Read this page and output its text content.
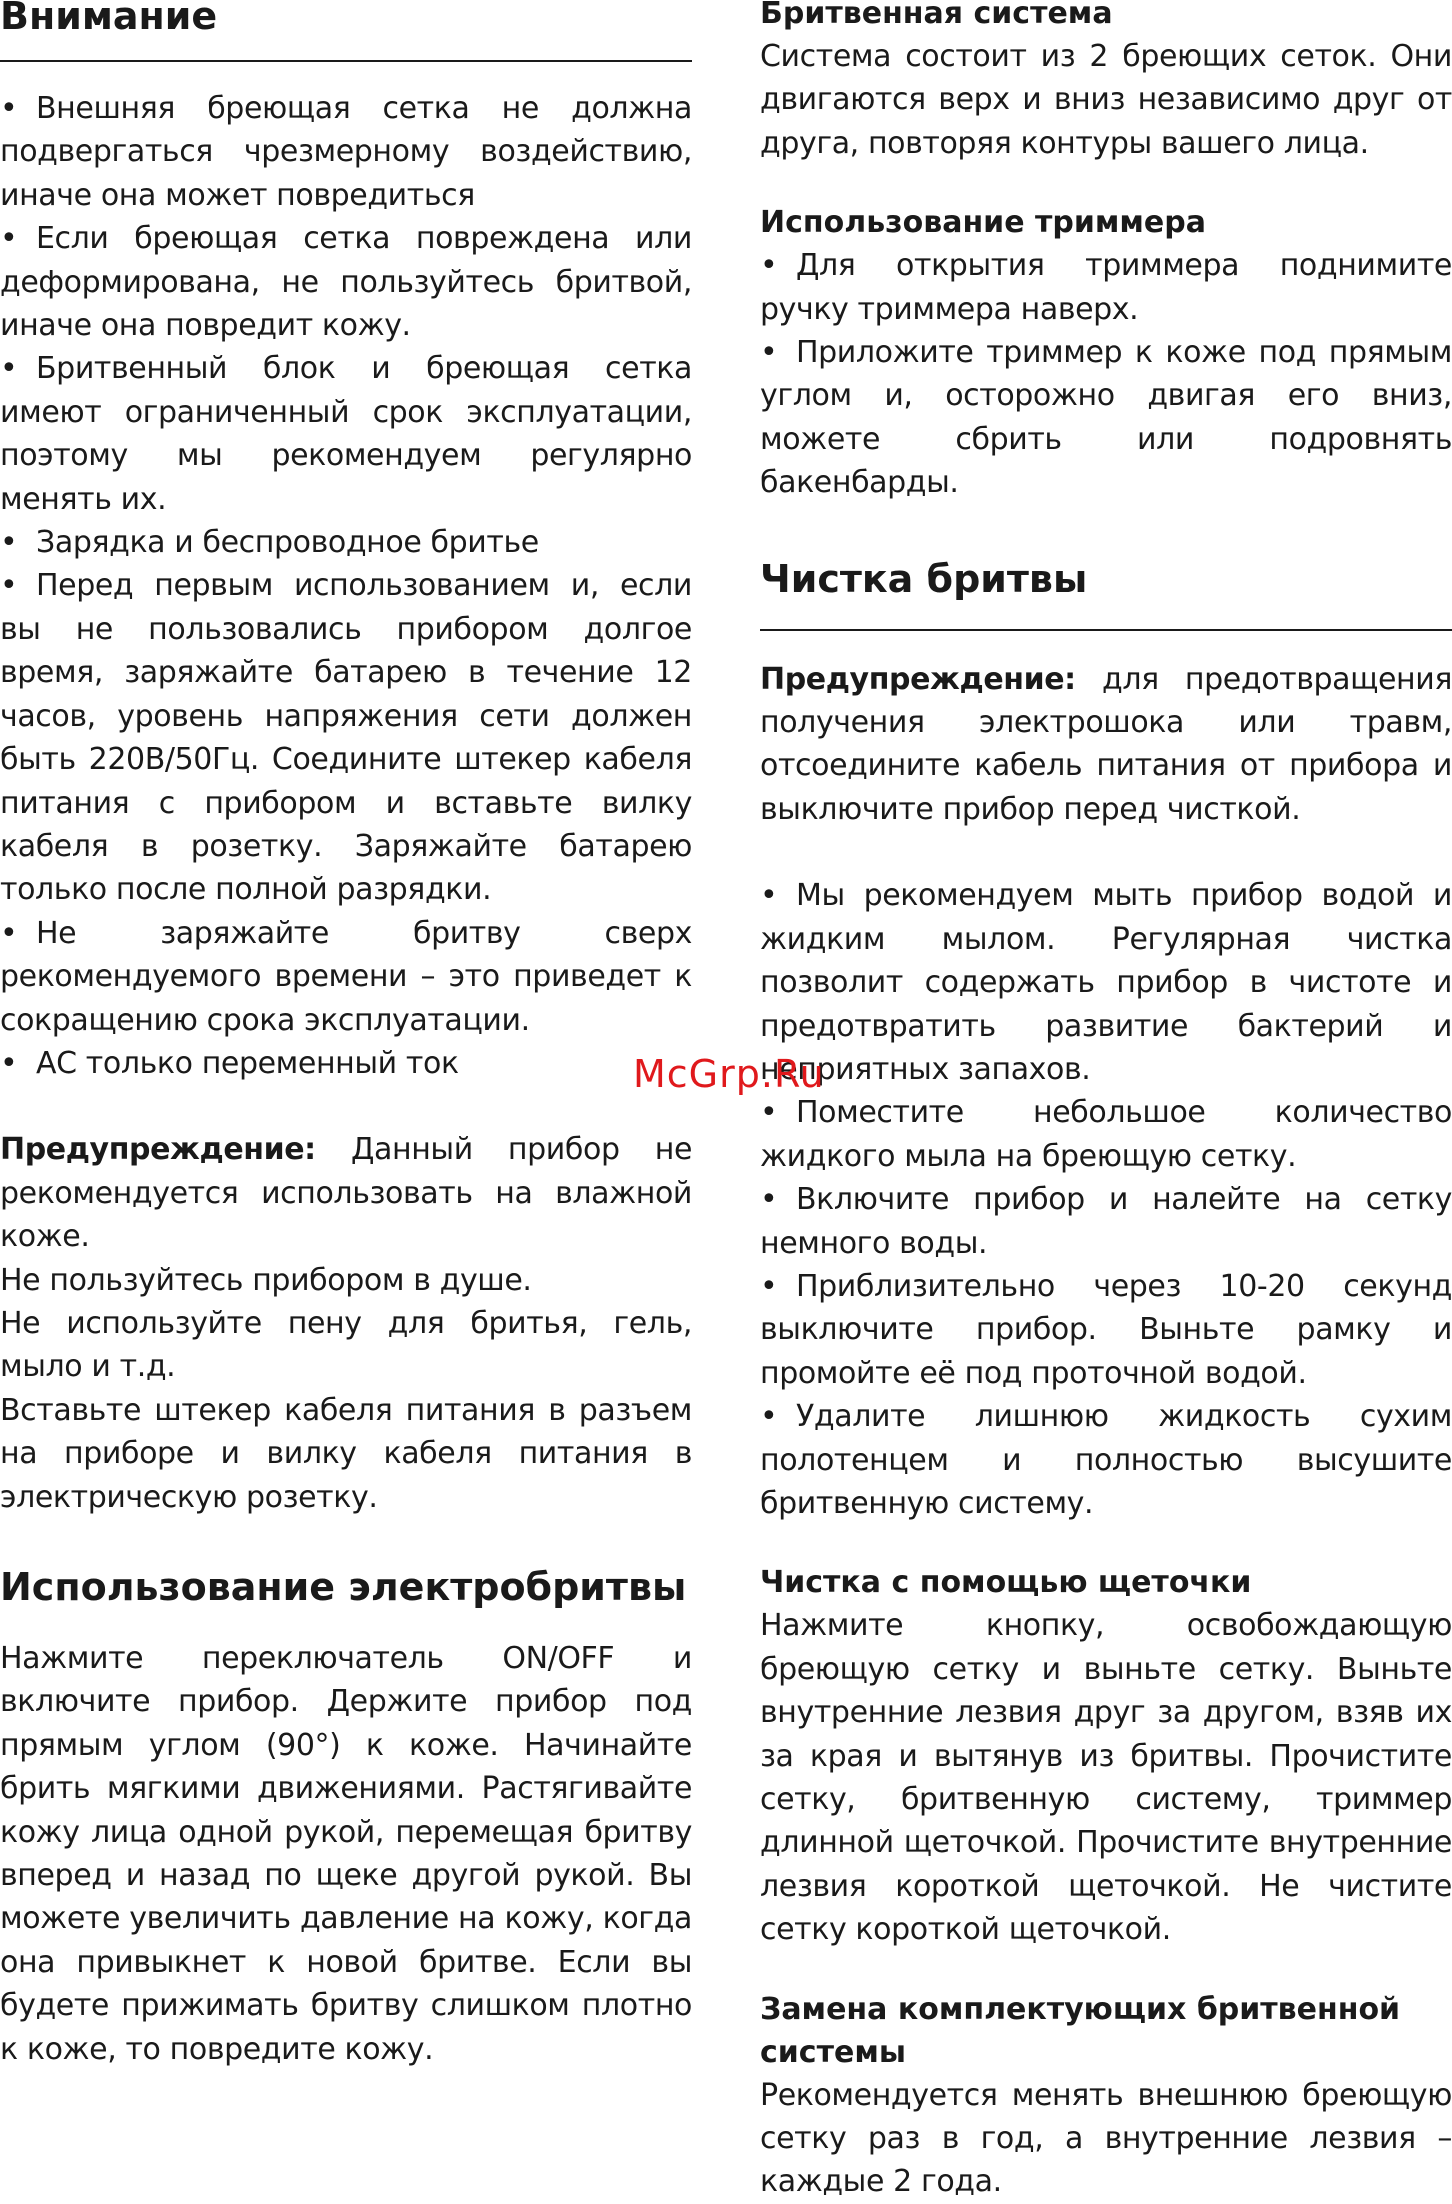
Внимание
• Внешняя бреющая сетка не должна подвергаться чрезмерному воздействию, иначе она может повредиться
• Если бреющая сетка повреждена или деформирована, не пользуйтесь бритвой, иначе она повредит кожу.
• Бритвенный блок и бреющая сетка имеют ограниченный срок эксплуатации, поэтому мы рекомендуем регулярно менять их.
• Зарядка и беспроводное бритье
• Перед первым использованием и, если вы не пользовались прибором долгое время, заряжайте батарею в течение 12 часов, уровень напряжения сети должен быть 220В/50Гц. Соедините штекер кабеля питания с прибором и вставьте вилку кабеля в розетку. Заряжайте батарею только после полной разрядки.
• Не заряжайте бритву сверх рекомендуемого времени – это приведет к сокращению срока эксплуатации.
• АС только переменный ток

Предупреждение: Данный прибор не рекомендуется использовать на влажной коже.

Не пользуйтесь прибором в душе.

Не используйте пену для бритья, гель, мыло и т.д.

Вставьте штекер кабеля питания в разъем на приборе и вилку кабеля питания в электрическую розетку.

Использование электробритвы

Нажмите переключатель ON/OFF и включите прибор. Держите прибор под прямым углом (90°) к коже. Начинайте брить мягкими движениями. Растягивайте кожу лица одной рукой, перемещая бритву вперед и назад по щеке другой рукой. Вы можете увеличить давление на кожу, когда она привыкнет к новой бритве. Если вы будете прижимать бритву слишком плотно к коже, то повредите кожу.

Бритвенная система

Система состоит из 2 бреющих сеток. Они двигаются верх и вниз независимо друг от друга, повторяя контуры вашего лица.

Использование триммера
• Для открытия триммера поднимите ручку триммера наверх.
• Приложите триммер к коже под прямым углом и, осторожно двигая его вниз, можете сбрить или подровнять бакенбарды.
Чистка бритвы

Предупреждение: для предотвращения получения электрошока или травм, отсоедините кабель питания от прибора и выключите прибор перед чисткой.

• Мы рекомендуем мыть прибор водой и жидким мылом. Регулярная чистка позволит содержать прибор в чистоте и предотвратить развитие бактерий и неприятных запахов.
• Поместите небольшое количество жидкого мыла на бреющую сетку.
• Включите прибор и налейте на сетку немного воды.
• Приблизительно через 10-20 секунд выключите прибор. Выньте рамку и промойте её под проточной водой.
• Удалите лишнюю жидкость сухим полотенцем и полностью высушите бритвенную систему.
Чистка с помощью щеточки

Нажмите кнопку, освобождающую бреющую сетку и выньте сетку. Выньте внутренние лезвия друг за другом, взяв их за края и вытянув из бритвы. Прочистите сетку, бритвенную систему, триммер длинной щеточкой. Прочистите внутренние лезвия короткой щеточкой. Не чистите сетку короткой щеточкой.

Замена комплектующих бритвенной системы

Рекомендуется менять внешнюю бреющую сетку раз в год, а внутренние лезвия – каждые 2 года.

McGrp.Ru
